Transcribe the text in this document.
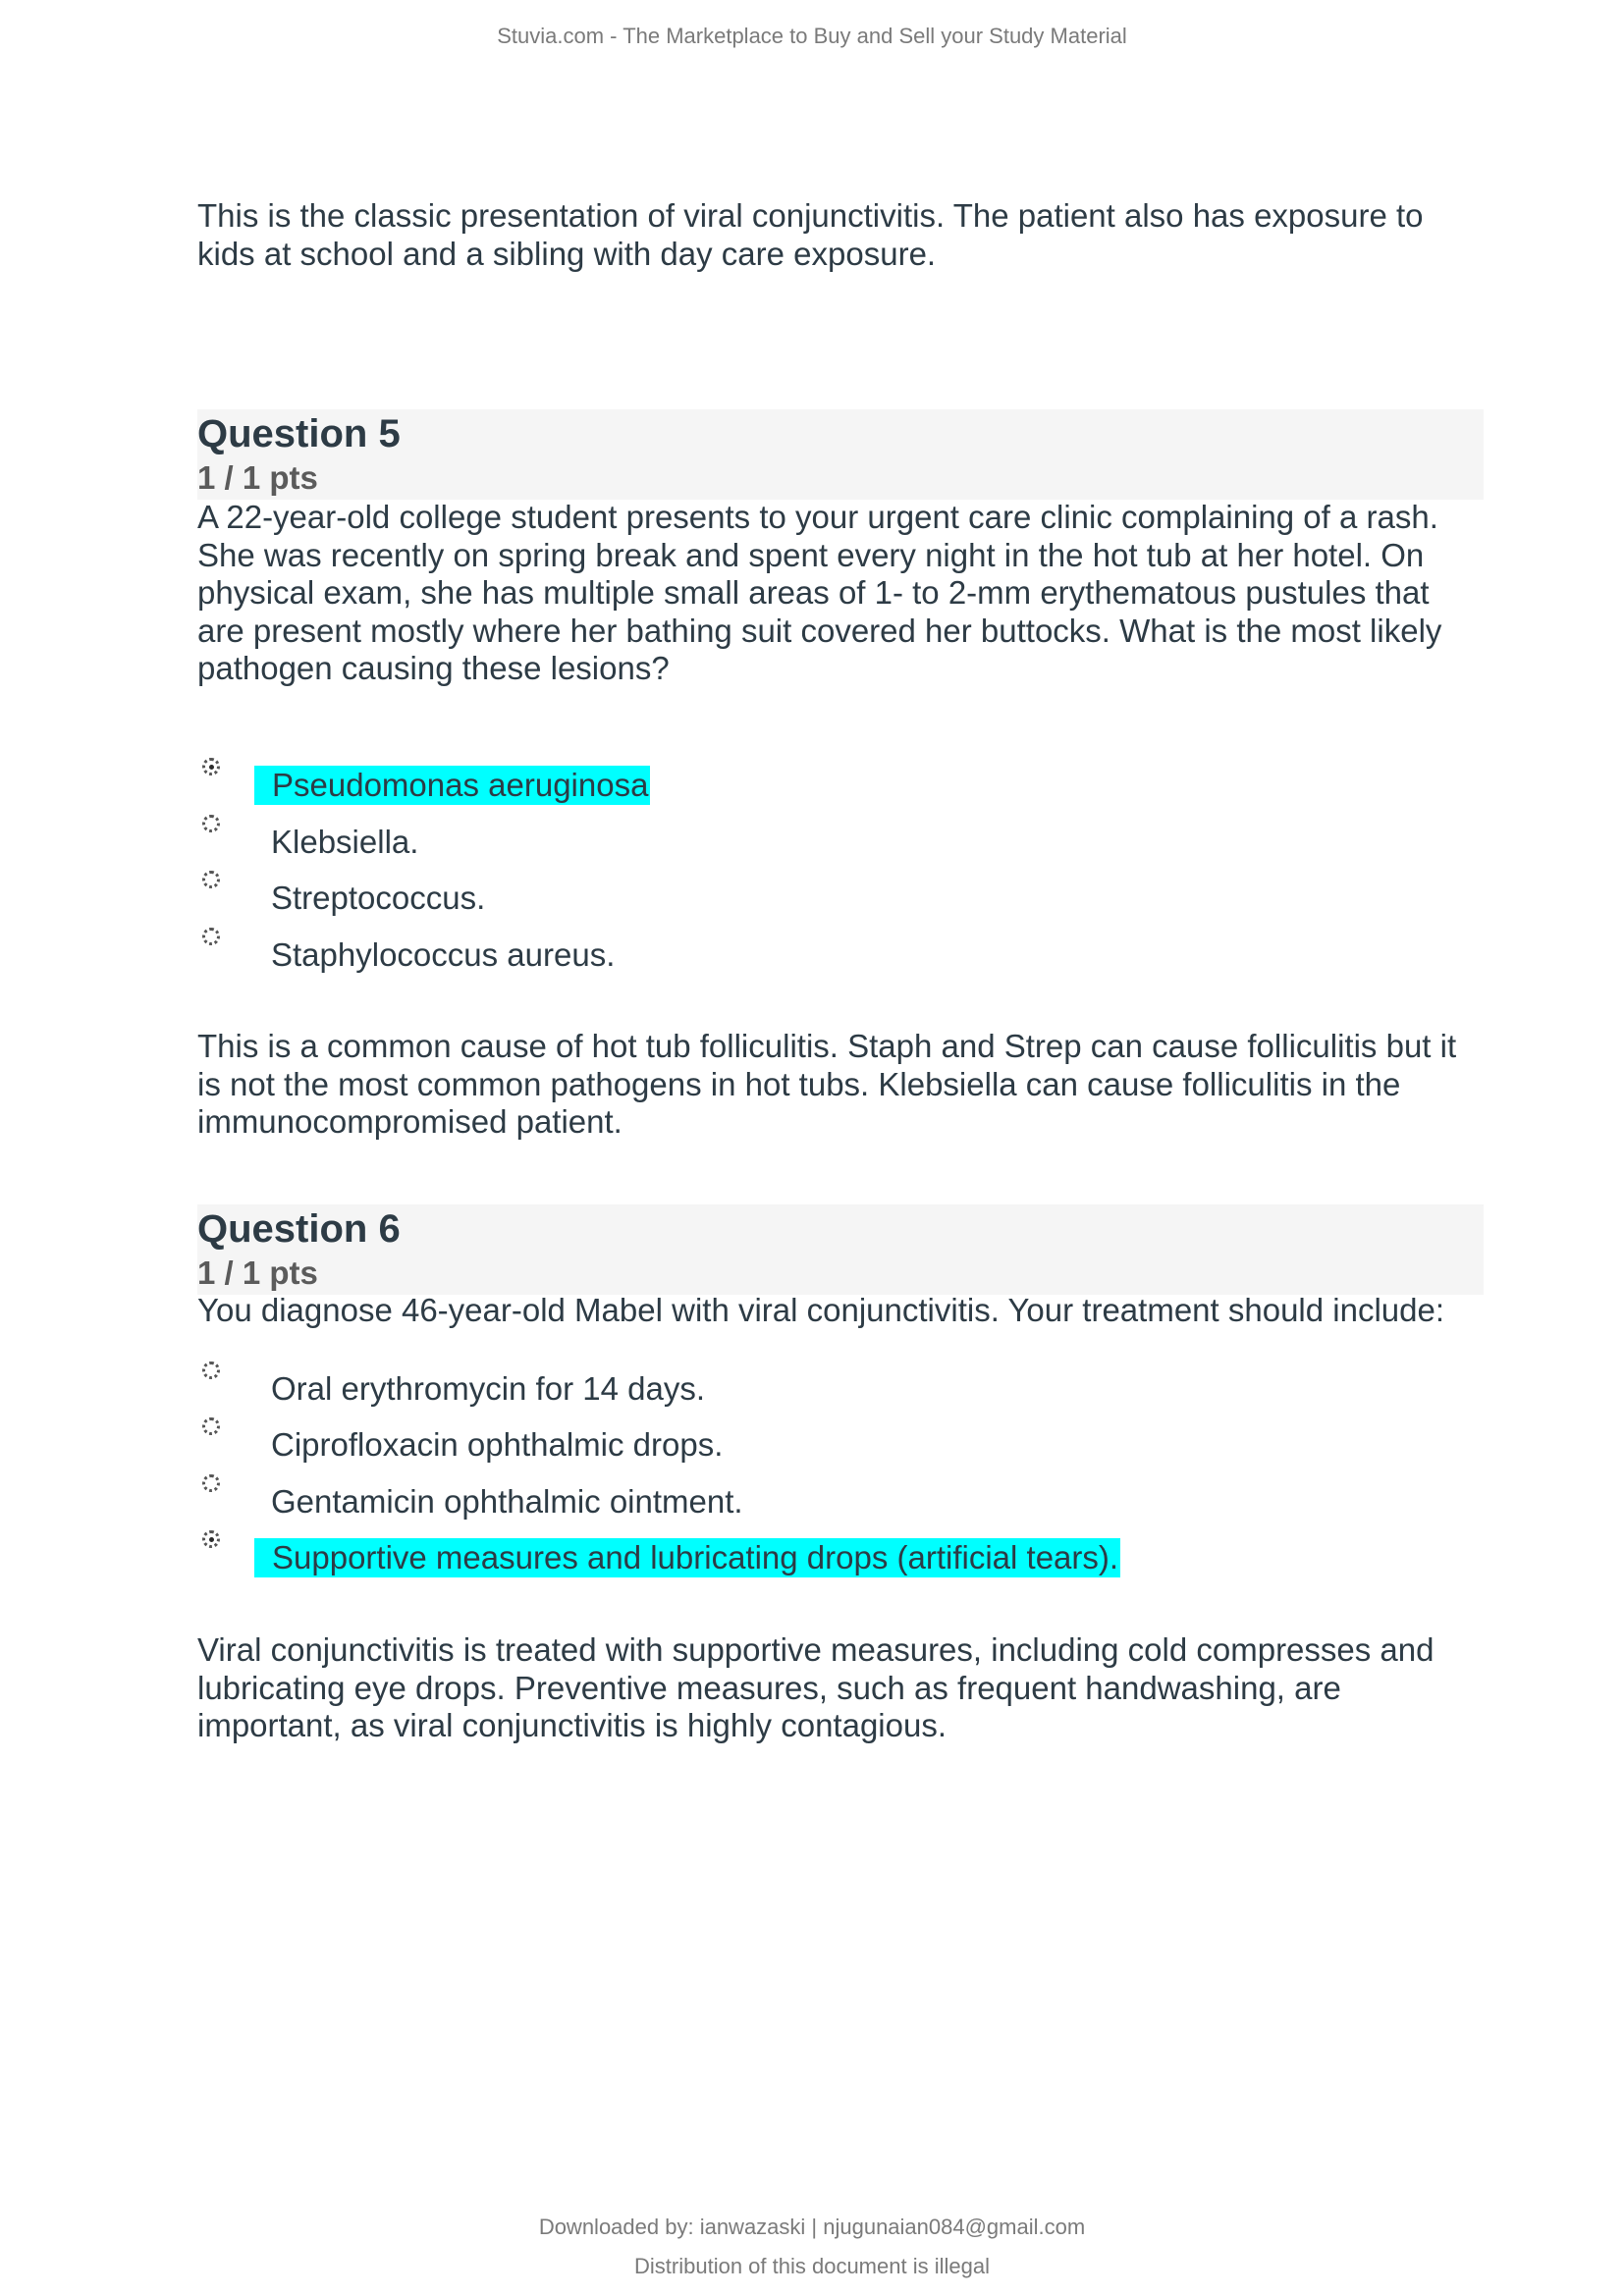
Stuvia.com - The Marketplace to Buy and Sell your Study Material
This is the classic presentation of viral conjunctivitis. The patient also has exposure to kids at school and a sibling with day care exposure.
Question 5
1 / 1 pts
A 22-year-old college student presents to your urgent care clinic complaining of a rash. She was recently on spring break and spent every night in the hot tub at her hotel. On physical exam, she has multiple small areas of 1- to 2-mm erythematous pustules that are present mostly where her bathing suit covered her buttocks. What is the most likely pathogen causing these lesions?
Pseudomonas aeruginosa
Klebsiella.
Streptococcus.
Staphylococcus aureus.
This is a common cause of hot tub folliculitis. Staph and Strep can cause folliculitis but it is not the most common pathogens in hot tubs. Klebsiella can cause folliculitis in the immunocompromised patient.
Question 6
1 / 1 pts
You diagnose 46-year-old Mabel with viral conjunctivitis. Your treatment should include:
Oral erythromycin for 14 days.
Ciprofloxacin ophthalmic drops.
Gentamicin ophthalmic ointment.
Supportive measures and lubricating drops (artificial tears).
Viral conjunctivitis is treated with supportive measures, including cold compresses and lubricating eye drops. Preventive measures, such as frequent handwashing, are important, as viral conjunctivitis is highly contagious.
Downloaded by: ianwazaski | njugunaian084@gmail.com
Distribution of this document is illegal
